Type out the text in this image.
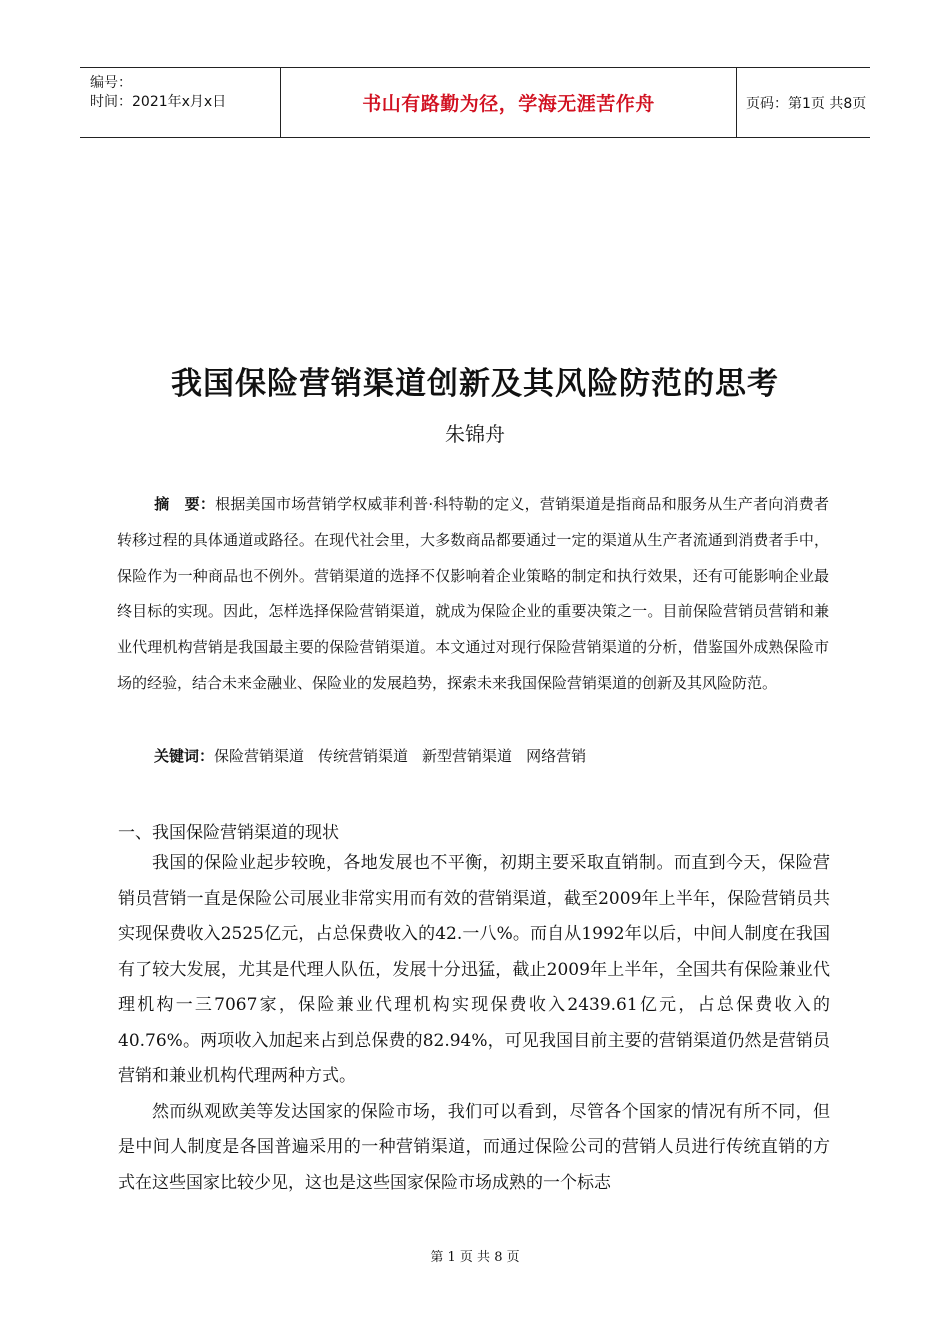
编号：
时间：2021年x月x日	书山有路勤为径，学海无涯苦作舟	页码：第1页 共8页
我国保险营销渠道创新及其风险防范的思考
朱锦舟
摘　要：根据美国市场营销学权威菲利普·科特勒的定义，营销渠道是指商品和服务从生产者向消费者转移过程的具体通道或路径。在现代社会里，大多数商品都要通过一定的渠道从生产者流通到消费者手中，保险作为一种商品也不例外。营销渠道的选择不仅影响着企业策略的制定和执行效果，还有可能影响企业最终目标的实现。因此，怎样选择保险营销渠道，就成为保险企业的重要决策之一。目前保险营销员营销和兼业代理机构营销是我国最主要的保险营销渠道。本文通过对现行保险营销渠道的分析，借鉴国外成熟保险市场的经验，结合未来金融业、保险业的发展趋势，探索未来我国保险营销渠道的创新及其风险防范。
关键词：保险营销渠道 传统营销渠道 新型营销渠道 网络营销
一、我国保险营销渠道的现状

我国的保险业起步较晚，各地发展也不平衡，初期主要采取直销制。而直到今天，保险营销员营销一直是保险公司展业非常实用而有效的营销渠道，截至2009年上半年，保险营销员共实现保费收入2525亿元，占总保费收入的42.一八%。而自从1992年以后，中间人制度在我国有了较大发展，尤其是代理人队伍，发展十分迅猛，截止2009年上半年，全国共有保险兼业代理机构一三7067家，保险兼业代理机构实现保费收入2439.61亿元，占总保费收入的40.76%。两项收入加起来占到总保费的82.94%，可见我国目前主要的营销渠道仍然是营销员营销和兼业机构代理两种方式。

然而纵观欧美等发达国家的保险市场，我们可以看到，尽管各个国家的情况有所不同，但是中间人制度是各国普遍采用的一种营销渠道，而通过保险公司的营销人员进行传统直销的方式在这些国家比较少见，这也是这些国家保险市场成熟的一个标志

第 1 页 共 8 页
